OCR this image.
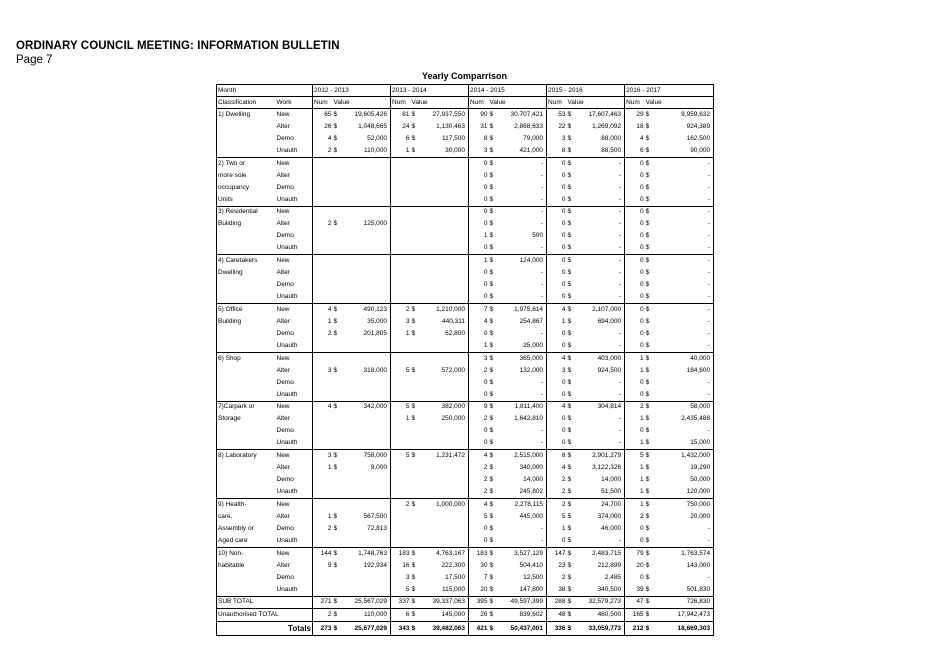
ORDINARY COUNCIL MEETING: INFORMATION BULLETIN
Page 7
Yearly Comparrison
Month		2012 - 2013			2013 - 2014			2014 - 2015			2015 - 2016			2016 - 2017		
Classification	Work	Num	Value		Num	Value		Num	Value		Num	Value		Num	Value	
1) Dwelling	New	65	$	19,605,426	81	$	27,937,550	90	$	30,707,421	53	$	17,607,463	29	$	9,959,632
	Alter	26	$	1,048,665	24	$	1,130,463	31	$	2,868,633	22	$	1,269,092	18	$	924,389
	Demo	4	$	52,000	6	$	117,500	8	$	79,000	3	$	88,000	4	$	162,500
	Unauth	2	$	110,000	1	$	30,000	3	$	421,000	8	$	88,500	6	$	90,000
2) Two or	New							0	$	-	0	$	-	0	$	-
more sole	Alter							0	$	-	0	$	-	0	$	-
occupancy	Demo							0	$	-	0	$	-	0	$	-
Units	Unauth							0	$	-	0	$	-	0	$	-
3) Residential	New							0	$	-	0	$	-	0	$	-
Building	Alter	2	$	125,000				0	$	-	0	$	-	0	$	-
	Demo							1	$	500	0	$	-	0	$	-
	Unauth							0	$	-	0	$	-	0	$	-
4) Caretakers	New							1	$	124,000	0	$	-	0	$	-
Dwelling	Alter							0	$	-	0	$	-	0	$	-
	Demo							0	$	-	0	$	-	0	$	-
	Unauth							0	$	-	0	$	-	0	$	-
5) Office	New	4	$	490,123	2	$	1,210,000	7	$	1,975,614	4	$	2,107,000	0	$	-
Building	Alter	1	$	35,000	3	$	440,311	4	$	254,867	1	$	694,000	0	$	-
	Demo	2	$	201,805	1	$	62,800	0	$	-	0	$	-	0	$	-
	Unauth							1	$	25,000	0	$	-	0	$	-
6) Shop	New							3	$	365,000	4	$	403,000	1	$	40,000
	Alter	3	$	318,000	5	$	572,000	2	$	132,000	3	$	924,500	1	$	184,600
	Demo							0	$	-	0	$	-	0	$	-
	Unauth							0	$	-	0	$	-	0	$	-
7)Carpark or	New	4	$	342,000	5	$	382,000	9	$	1,811,400	4	$	304,814	2	$	58,000
Storage	Alter				1	$	250,000	2	$	1,642,810	0	$	-	1	$	2,435,488
	Demo							0	$	-	0	$	-	0	$	-
	Unauth							0	$	-	0	$	-	1	$	15,000
8) Laboratory	New	3	$	758,000	5	$	1,231,472	4	$	2,515,000	8	$	2,901,279	5	$	1,432,000
	Alter	1	$	9,000				2	$	340,000	4	$	3,122,326	1	$	19,290
	Demo							2	$	14,000	2	$	14,000	1	$	50,000
	Unauth							2	$	245,802	2	$	51,500	1	$	120,000
9) Health-	New				2	$	1,000,000	4	$	2,278,115	2	$	24,700	1	$	750,000
care,	Alter	1	$	567,500				5	$	445,000	5	$	374,000	2	$	20,000
Assembly or	Demo	2	$	72,813				0	$	-	1	$	46,000	0	$	-
Aged care	Unauth							0	$	-	0	$	-	0	$	-
10) Non-	New	144	$	1,748,763	183	$	4,763,167	183	$	3,527,129	147	$	2,483,715	79	$	1,763,574
habitable	Alter	9	$	192,934	16	$	222,300	30	$	504,410	23	$	212,899	20	$	143,000
	Demo				3	$	17,500	7	$	12,500	2	$	2,485	0	$	-
	Unauth				5	$	115,000	20	$	147,800	38	$	340,500	39	$	501,830
SUB TOTAL		271	$	25,567,029	337	$	39,337,063	395	$	49,597,399	288	$	32,579,273	47	$	726,830
Unauthorised TOTAL		2	$	110,000	6	$	145,000	26	$	839,602	48	$	480,500	165	$	17,942,473
Totals		273	$	25,677,029	343	$	39,482,063	421	$	50,437,001	336	$	33,059,773	212	$	18,669,303
